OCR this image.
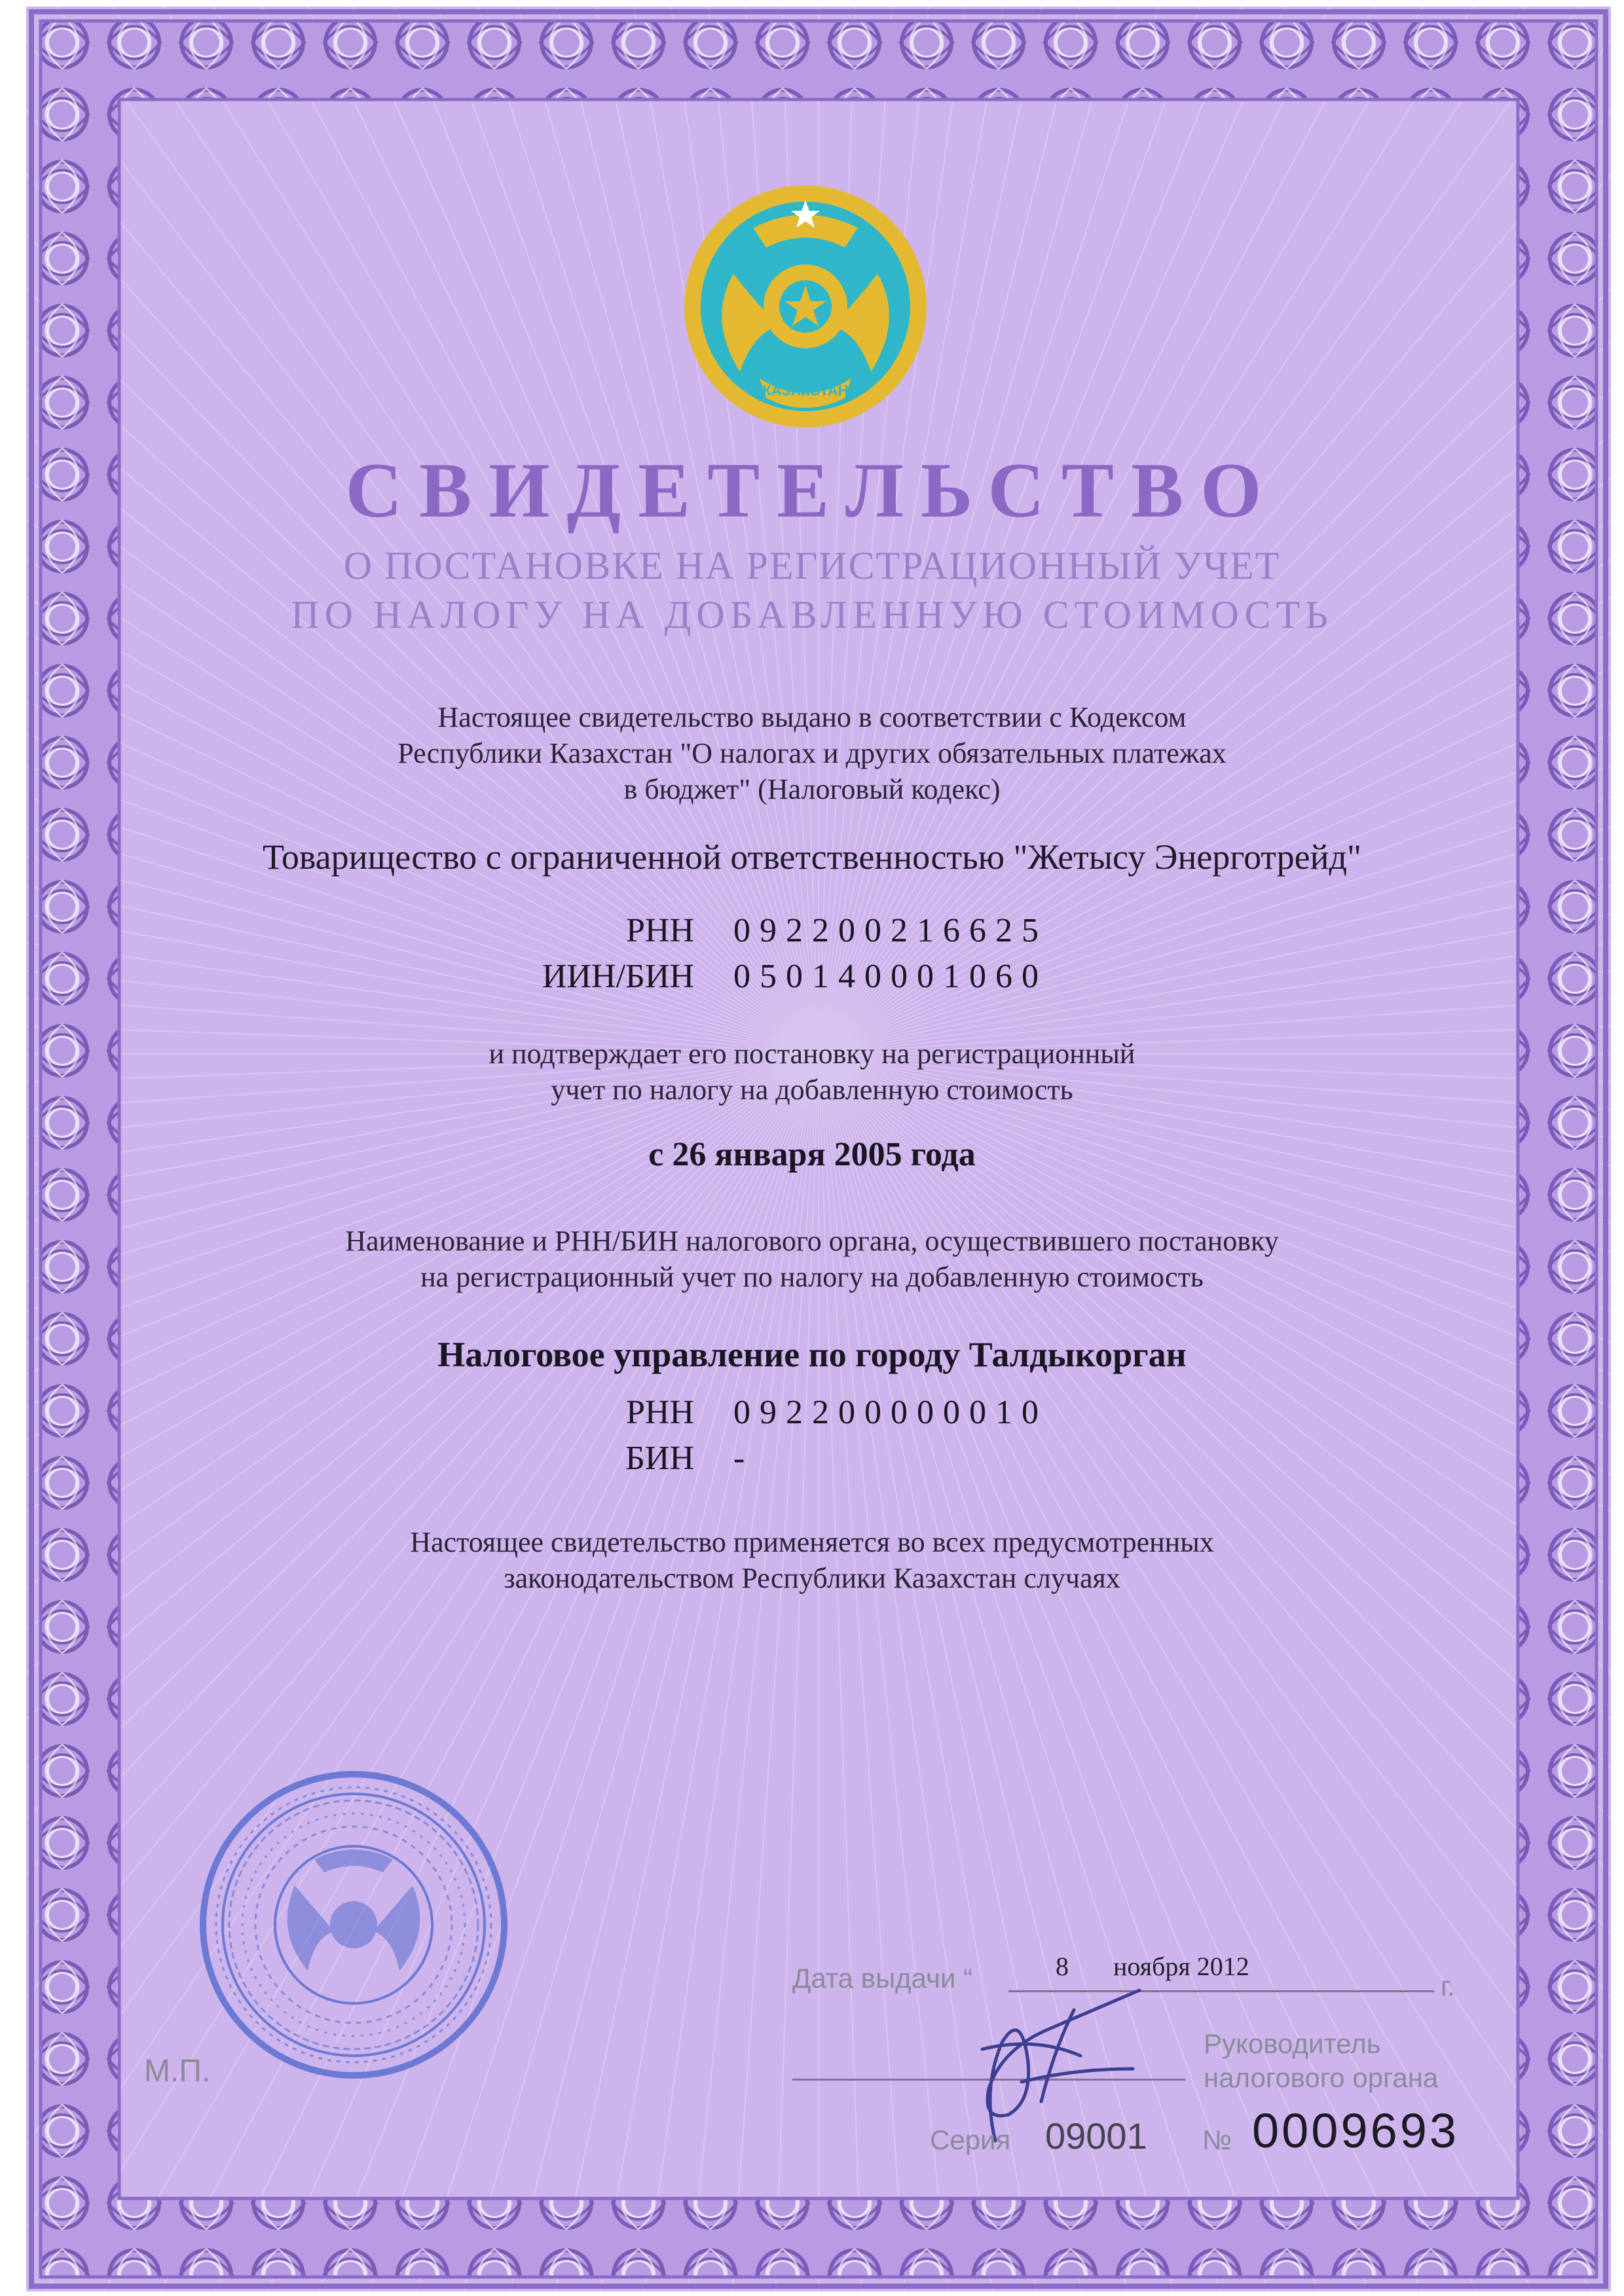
КАЗАКСТАН
СВИДЕТЕЛЬСТВО
О ПОСТАНОВКЕ НА РЕГИСТРАЦИОННЫЙ УЧЕТ
ПО НАЛОГУ НА ДОБАВЛЕННУЮ СТОИМОСТЬ
Настоящее свидетельство выдано в соответствии с Кодексом
Республики Казахстан "О налогах и других обязательных платежах
в бюджет" (Налоговый кодекс)
Товарищество с ограниченной ответственностью "Жетысу Энерготрейд"
РНН 092200216625
ИИН/БИН 050140001060
и подтверждает его постановку на регистрационный
учет по налогу на добавленную стоимость
с 26 января 2005 года
Наименование и РНН/БИН налогового органа, осуществившего постановку
на регистрационный учет по налогу на добавленную стоимость
Налоговое управление по городу Талдыкорган
РНН 092200000010
БИН -
Настоящее свидетельство применяется во всех предусмотренных
законодательством Республики Казахстан случаях
М.П.
Дата выдачи “	8 ноября 2012
г.
Руководитель
налогового органа
Серия 09001 № 0009693
